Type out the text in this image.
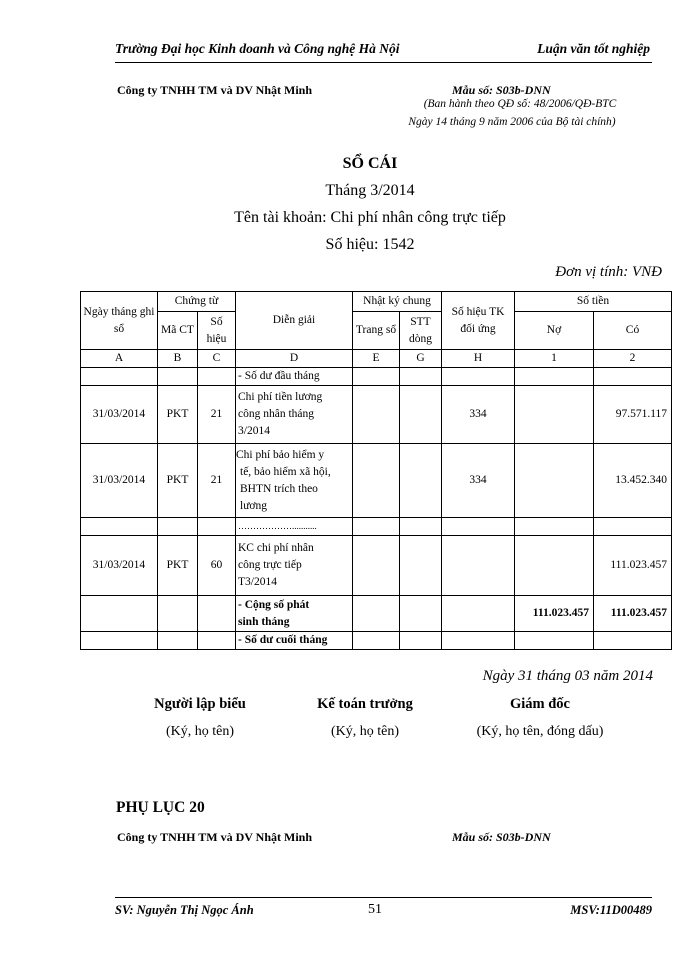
Trường Đại học Kinh doanh và Công nghệ Hà Nội	Luận văn tốt nghiệp
Công ty TNHH TM và DV Nhật Minh	Mẫu số: S03b-DNN
(Ban hành theo QĐ số: 48/2006/QĐ-BTC
Ngày 14 tháng 9 năm 2006 của Bộ tài chính)
SỔ CÁI
Tháng 3/2014
Tên tài khoản: Chi phí nhân công trực tiếp
Số hiệu: 1542
Đơn vị tính: VNĐ
Ngày tháng ghi sổ	Chứng từ		Diễn giải	Nhật ký chung		Số hiệu TK đối ứng	Số tiền	
	Mã CT	Số hiệu		Trang sổ	STT dòng		Nợ	Có
A	B	C	D	E	G	H	1	2
			- Số dư đầu tháng					
31/03/2014	PKT	21	Chi phí tiền lương
công nhân tháng
3/2014			334		97.571.117
31/03/2014	PKT	21	Chi phí bảo hiểm y
tế, bảo hiểm xã hội,
BHTN trích theo
lương			334		13.452.340
			………………...........					
31/03/2014	PKT	60	KC chi phí nhân
công trực tiếp
T3/2014					111.023.457

			- Cộng số phát
sinh tháng				111.023.457	111.023.457
			- Số dư cuối tháng					
Ngày 31 tháng 03 năm 2014
Người lập biểu	Kế toán trưởng	Giám đốc
(Ký, họ tên)	(Ký, họ tên)	(Ký, họ tên, đóng dấu)
PHỤ LỤC 20
Công ty TNHH TM và DV Nhật Minh	Mẫu số: S03b-DNN
SV: Nguyễn Thị Ngọc Ánh	51	MSV:11D00489
